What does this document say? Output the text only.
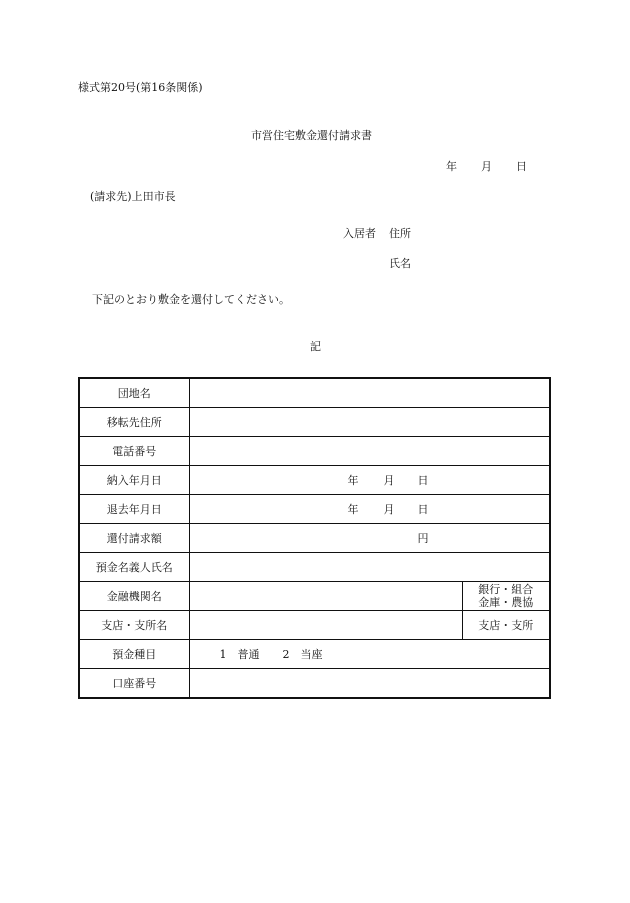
様式第20号(第16条関係)
市営住宅敷金還付請求書
年 月 日
(請求先)上田市長
入居者 住所
氏名
下記のとおり敷金を還付してください。
記
団地名		
移転先住所		
電話番号		
納入年月日	年 月 日	

退去年月日	年 月 日	

還付請求額	円	

預金名義人氏名		
金融機関名		銀行・組合
金庫・農協

支店・支所名		支店・支所
預金種目	1 普通 2 当座	

口座番号		
